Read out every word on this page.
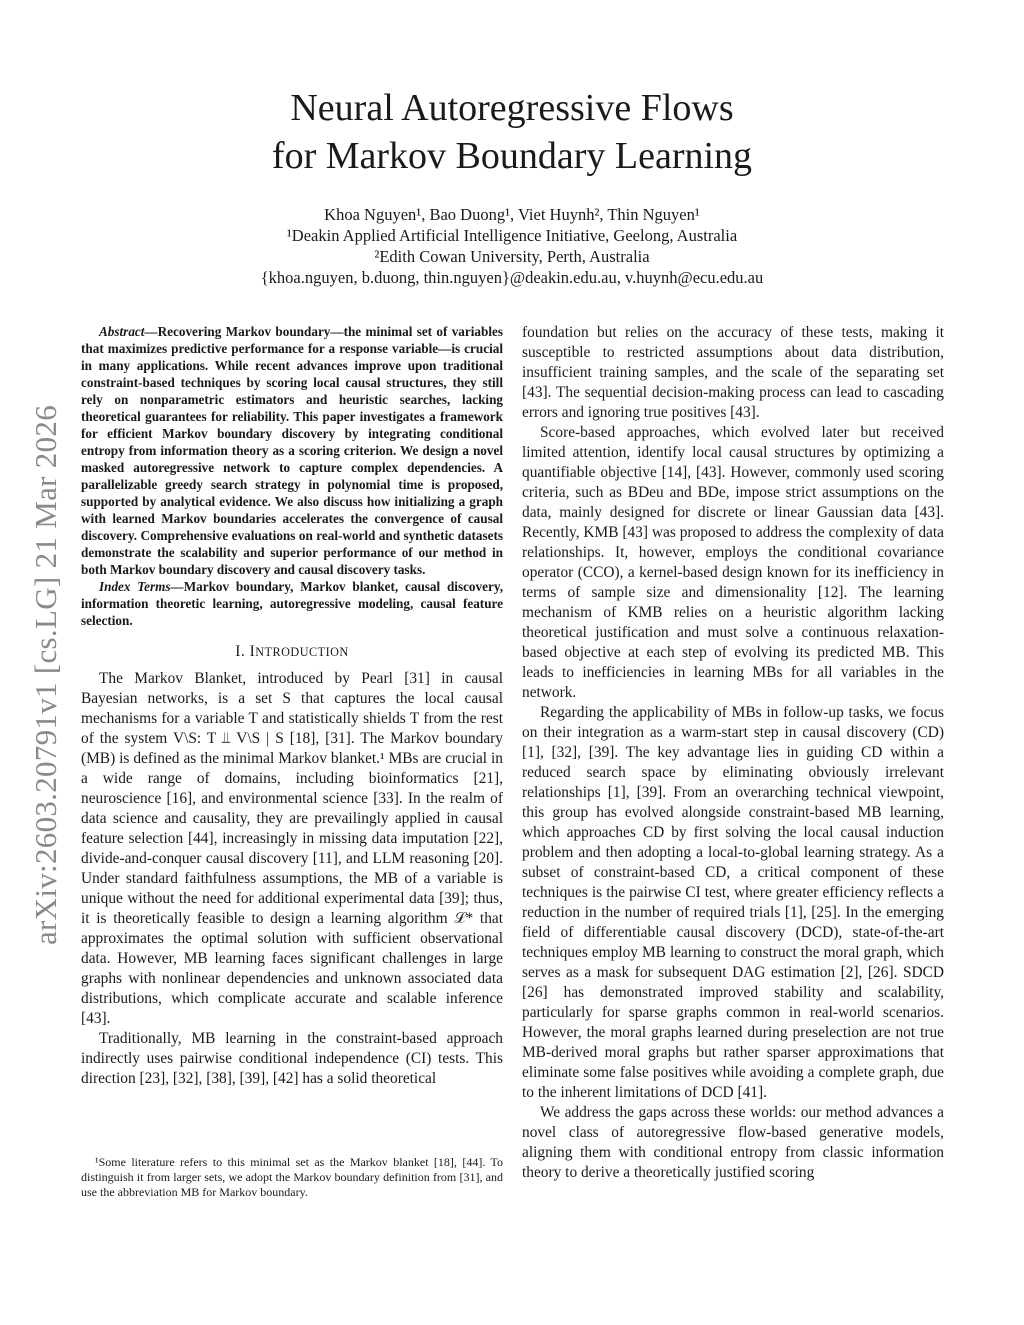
arXiv:2603.20791v1 [cs.LG] 21 Mar 2026
Neural Autoregressive Flows
for Markov Boundary Learning
Khoa Nguyen¹, Bao Duong¹, Viet Huynh², Thin Nguyen¹
¹Deakin Applied Artificial Intelligence Initiative, Geelong, Australia
²Edith Cowan University, Perth, Australia
{khoa.nguyen, b.duong, thin.nguyen}@deakin.edu.au, v.huynh@ecu.edu.au

Abstract—Recovering Markov boundary—the minimal set of variables that maximizes predictive performance for a response variable—is crucial in many applications. While recent advances improve upon traditional constraint-based techniques by scoring local causal structures, they still rely on nonparametric estimators and heuristic searches, lacking theoretical guarantees for reliability. This paper investigates a framework for efficient Markov boundary discovery by integrating conditional entropy from information theory as a scoring criterion. We design a novel masked autoregressive network to capture complex dependencies. A parallelizable greedy search strategy in polynomial time is proposed, supported by analytical evidence. We also discuss how initializing a graph with learned Markov boundaries accelerates the convergence of causal discovery. Comprehensive evaluations on real-world and synthetic datasets demonstrate the scalability and superior performance of our method in both Markov boundary discovery and causal discovery tasks.

Index Terms—Markov boundary, Markov blanket, causal discovery, information theoretic learning, autoregressive modeling, causal feature selection.

I. INTRODUCTION

The Markov Blanket, introduced by Pearl [31] in causal Bayesian networks, is a set S that captures the local causal mechanisms for a variable T and statistically shields T from the rest of the system V\S: T ⫫ V\S | S [18], [31]. The Markov boundary (MB) is defined as the minimal Markov blanket.¹ MBs are crucial in a wide range of domains, including bioinformatics [21], neuroscience [16], and environmental science [33]. In the realm of data science and causality, they are prevailingly applied in causal feature selection [44], increasingly in missing data imputation [22], divide-and-conquer causal discovery [11], and LLM reasoning [20]. Under standard faithfulness assumptions, the MB of a variable is unique without the need for additional experimental data [39]; thus, it is theoretically feasible to design a learning algorithm ℒ* that approximates the optimal solution with sufficient observational data. However, MB learning faces significant challenges in large graphs with nonlinear dependencies and unknown associated data distributions, which complicate accurate and scalable inference [43].

Traditionally, MB learning in the constraint-based approach indirectly uses pairwise conditional independence (CI) tests. This direction [23], [32], [38], [39], [42] has a solid theoretical

¹Some literature refers to this minimal set as the Markov blanket [18], [44]. To distinguish it from larger sets, we adopt the Markov boundary definition from [31], and use the abbreviation MB for Markov boundary.

foundation but relies on the accuracy of these tests, making it susceptible to restricted assumptions about data distribution, insufficient training samples, and the scale of the separating set [43]. The sequential decision-making process can lead to cascading errors and ignoring true positives [43].

Score-based approaches, which evolved later but received limited attention, identify local causal structures by optimizing a quantifiable objective [14], [43]. However, commonly used scoring criteria, such as BDeu and BDe, impose strict assumptions on the data, mainly designed for discrete or linear Gaussian data [43]. Recently, KMB [43] was proposed to address the complexity of data relationships. It, however, employs the conditional covariance operator (CCO), a kernel-based design known for its inefficiency in terms of sample size and dimensionality [12]. The learning mechanism of KMB relies on a heuristic algorithm lacking theoretical justification and must solve a continuous relaxation-based objective at each step of evolving its predicted MB. This leads to inefficiencies in learning MBs for all variables in the network.

Regarding the applicability of MBs in follow-up tasks, we focus on their integration as a warm-start step in causal discovery (CD) [1], [32], [39]. The key advantage lies in guiding CD within a reduced search space by eliminating obviously irrelevant relationships [1], [39]. From an overarching technical viewpoint, this group has evolved alongside constraint-based MB learning, which approaches CD by first solving the local causal induction problem and then adopting a local-to-global learning strategy. As a subset of constraint-based CD, a critical component of these techniques is the pairwise CI test, where greater efficiency reflects a reduction in the number of required trials [1], [25]. In the emerging field of differentiable causal discovery (DCD), state-of-the-art techniques employ MB learning to construct the moral graph, which serves as a mask for subsequent DAG estimation [2], [26]. SDCD [26] has demonstrated improved stability and scalability, particularly for sparse graphs common in real-world scenarios. However, the moral graphs learned during preselection are not true MB-derived moral graphs but rather sparser approximations that eliminate some false positives while avoiding a complete graph, due to the inherent limitations of DCD [41].

We address the gaps across these worlds: our method advances a novel class of autoregressive flow-based generative models, aligning them with conditional entropy from classic information theory to derive a theoretically justified scoring
